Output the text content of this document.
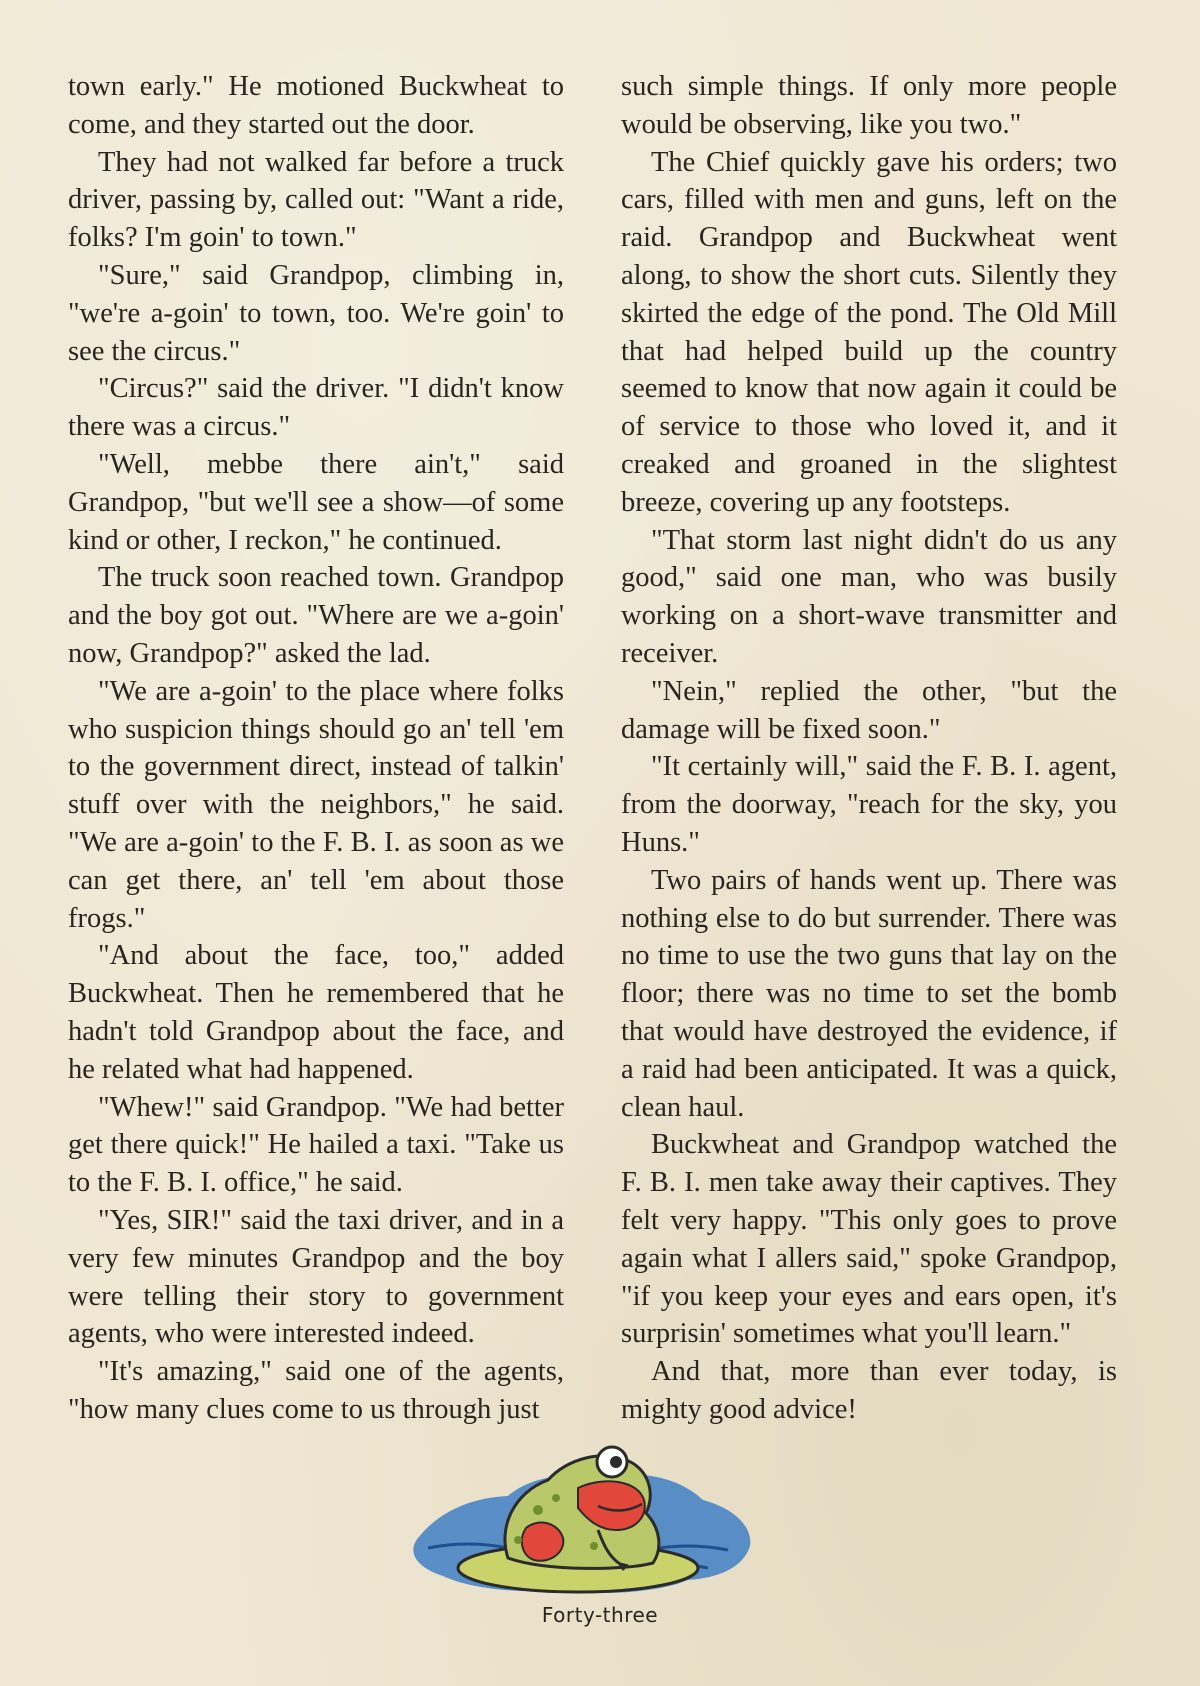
town early." He motioned Buckwheat to come, and they started out the door.

They had not walked far before a truck driver, passing by, called out: "Want a ride, folks? I'm goin' to town."

"Sure," said Grandpop, climbing in, "we're a-goin' to town, too. We're goin' to see the circus."

"Circus?" said the driver. "I didn't know there was a circus."

"Well, mebbe there ain't," said Grandpop, "but we'll see a show—of some kind or other, I reckon," he continued.

The truck soon reached town. Grandpop and the boy got out. "Where are we a-goin' now, Grandpop?" asked the lad.

"We are a-goin' to the place where folks who suspicion things should go an' tell 'em to the government direct, instead of talkin' stuff over with the neighbors," he said. "We are a-goin' to the F. B. I. as soon as we can get there, an' tell 'em about those frogs."

"And about the face, too," added Buckwheat. Then he remembered that he hadn't told Grandpop about the face, and he related what had happened.

"Whew!" said Grandpop. "We had better get there quick!" He hailed a taxi. "Take us to the F. B. I. office," he said.

"Yes, SIR!" said the taxi driver, and in a very few minutes Grandpop and the boy were telling their story to government agents, who were interested indeed.

"It's amazing," said one of the agents, "how many clues come to us through just

such simple things. If only more people would be observing, like you two."

The Chief quickly gave his orders; two cars, filled with men and guns, left on the raid. Grandpop and Buckwheat went along, to show the short cuts. Silently they skirted the edge of the pond. The Old Mill that had helped build up the country seemed to know that now again it could be of service to those who loved it, and it creaked and groaned in the slightest breeze, covering up any footsteps.

"That storm last night didn't do us any good," said one man, who was busily working on a short-wave transmitter and receiver.

"Nein," replied the other, "but the damage will be fixed soon."

"It certainly will," said the F. B. I. agent, from the doorway, "reach for the sky, you Huns."

Two pairs of hands went up. There was nothing else to do but surrender. There was no time to use the two guns that lay on the floor; there was no time to set the bomb that would have destroyed the evidence, if a raid had been anticipated. It was a quick, clean haul.

Buckwheat and Grandpop watched the F. B. I. men take away their captives. They felt very happy. "This only goes to prove again what I allers said," spoke Grandpop, "if you keep your eyes and ears open, it's surprisin' sometimes what you'll learn."

And that, more than ever today, is mighty good advice!

Forty-three
